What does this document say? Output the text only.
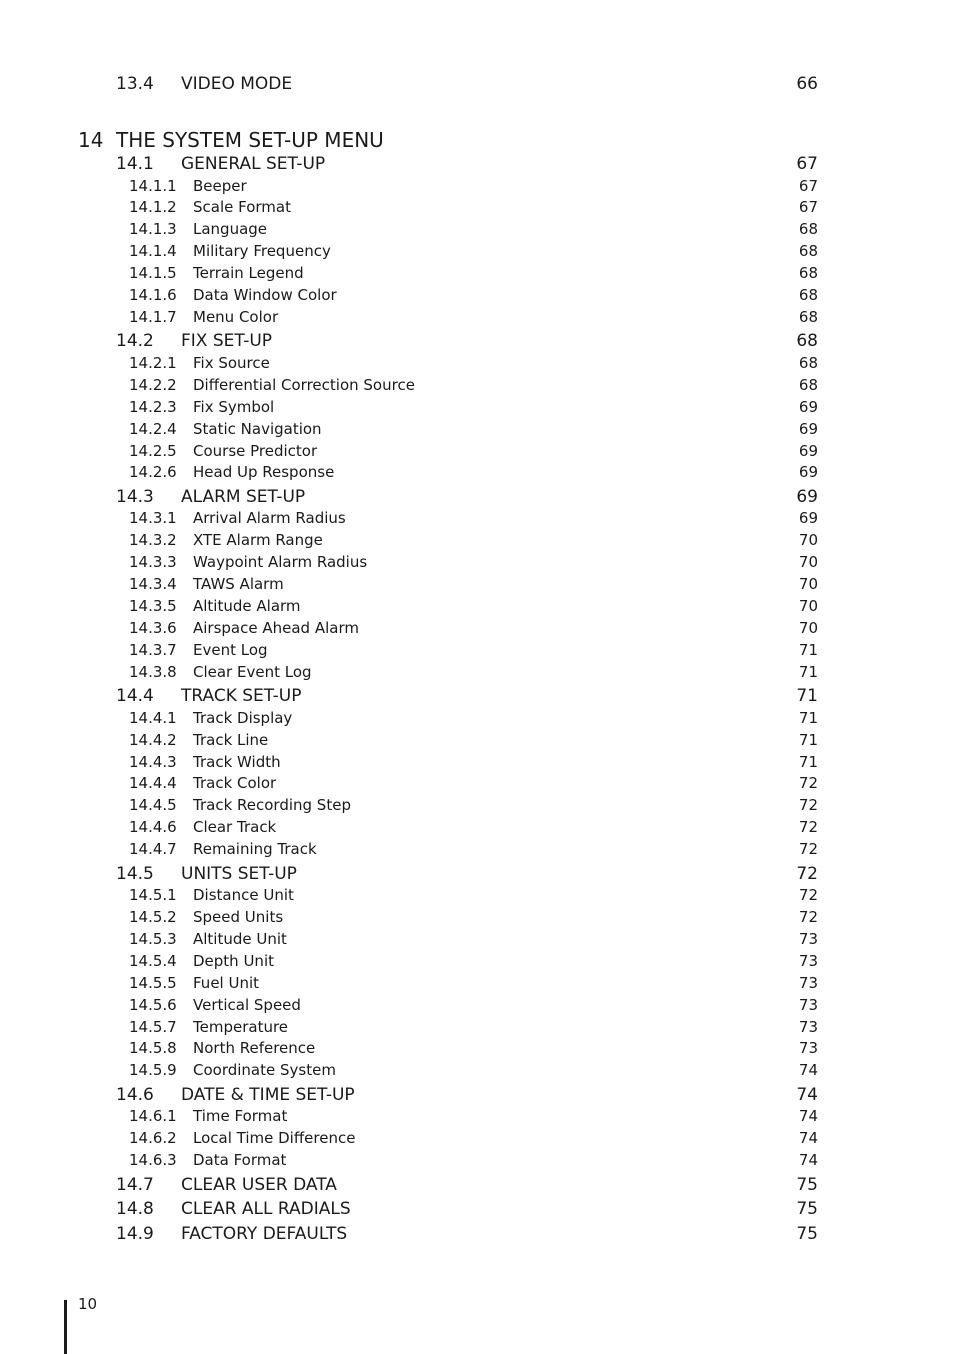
13.4 VIDEO MODE	66
14 THE SYSTEM SET-UP MENU
14.1 GENERAL SET-UP	67
14.1.1 Beeper	67
14.1.2 Scale Format	67
14.1.3 Language	68
14.1.4 Military Frequency	68
14.1.5 Terrain Legend	68
14.1.6 Data Window Color	68
14.1.7 Menu Color	68
14.2 FIX SET-UP	68
14.2.1 Fix Source	68
14.2.2 Differential Correction Source	68
14.2.3 Fix Symbol	69
14.2.4 Static Navigation	69
14.2.5 Course Predictor	69
14.2.6 Head Up Response	69
14.3 ALARM SET-UP	69
14.3.1 Arrival Alarm Radius	69
14.3.2 XTE Alarm Range	70
14.3.3 Waypoint Alarm Radius	70
14.3.4 TAWS Alarm	70
14.3.5 Altitude Alarm	70
14.3.6 Airspace Ahead Alarm	70
14.3.7 Event Log	71
14.3.8 Clear Event Log	71
14.4 TRACK SET-UP	71
14.4.1 Track Display	71
14.4.2 Track Line	71
14.4.3 Track Width	71
14.4.4 Track Color	72
14.4.5 Track Recording Step	72
14.4.6 Clear Track	72
14.4.7 Remaining Track	72
14.5 UNITS SET-UP	72
14.5.1 Distance Unit	72
14.5.2 Speed Units	72
14.5.3 Altitude Unit	73
14.5.4 Depth Unit	73
14.5.5 Fuel Unit	73
14.5.6 Vertical Speed	73
14.5.7 Temperature	73
14.5.8 North Reference	73
14.5.9 Coordinate System	74
14.6 DATE & TIME SET-UP	74
14.6.1 Time Format	74
14.6.2 Local Time Difference	74
14.6.3 Data Format	74
14.7 CLEAR USER DATA	75
14.8 CLEAR ALL RADIALS	75
14.9 FACTORY DEFAULTS	75
10
